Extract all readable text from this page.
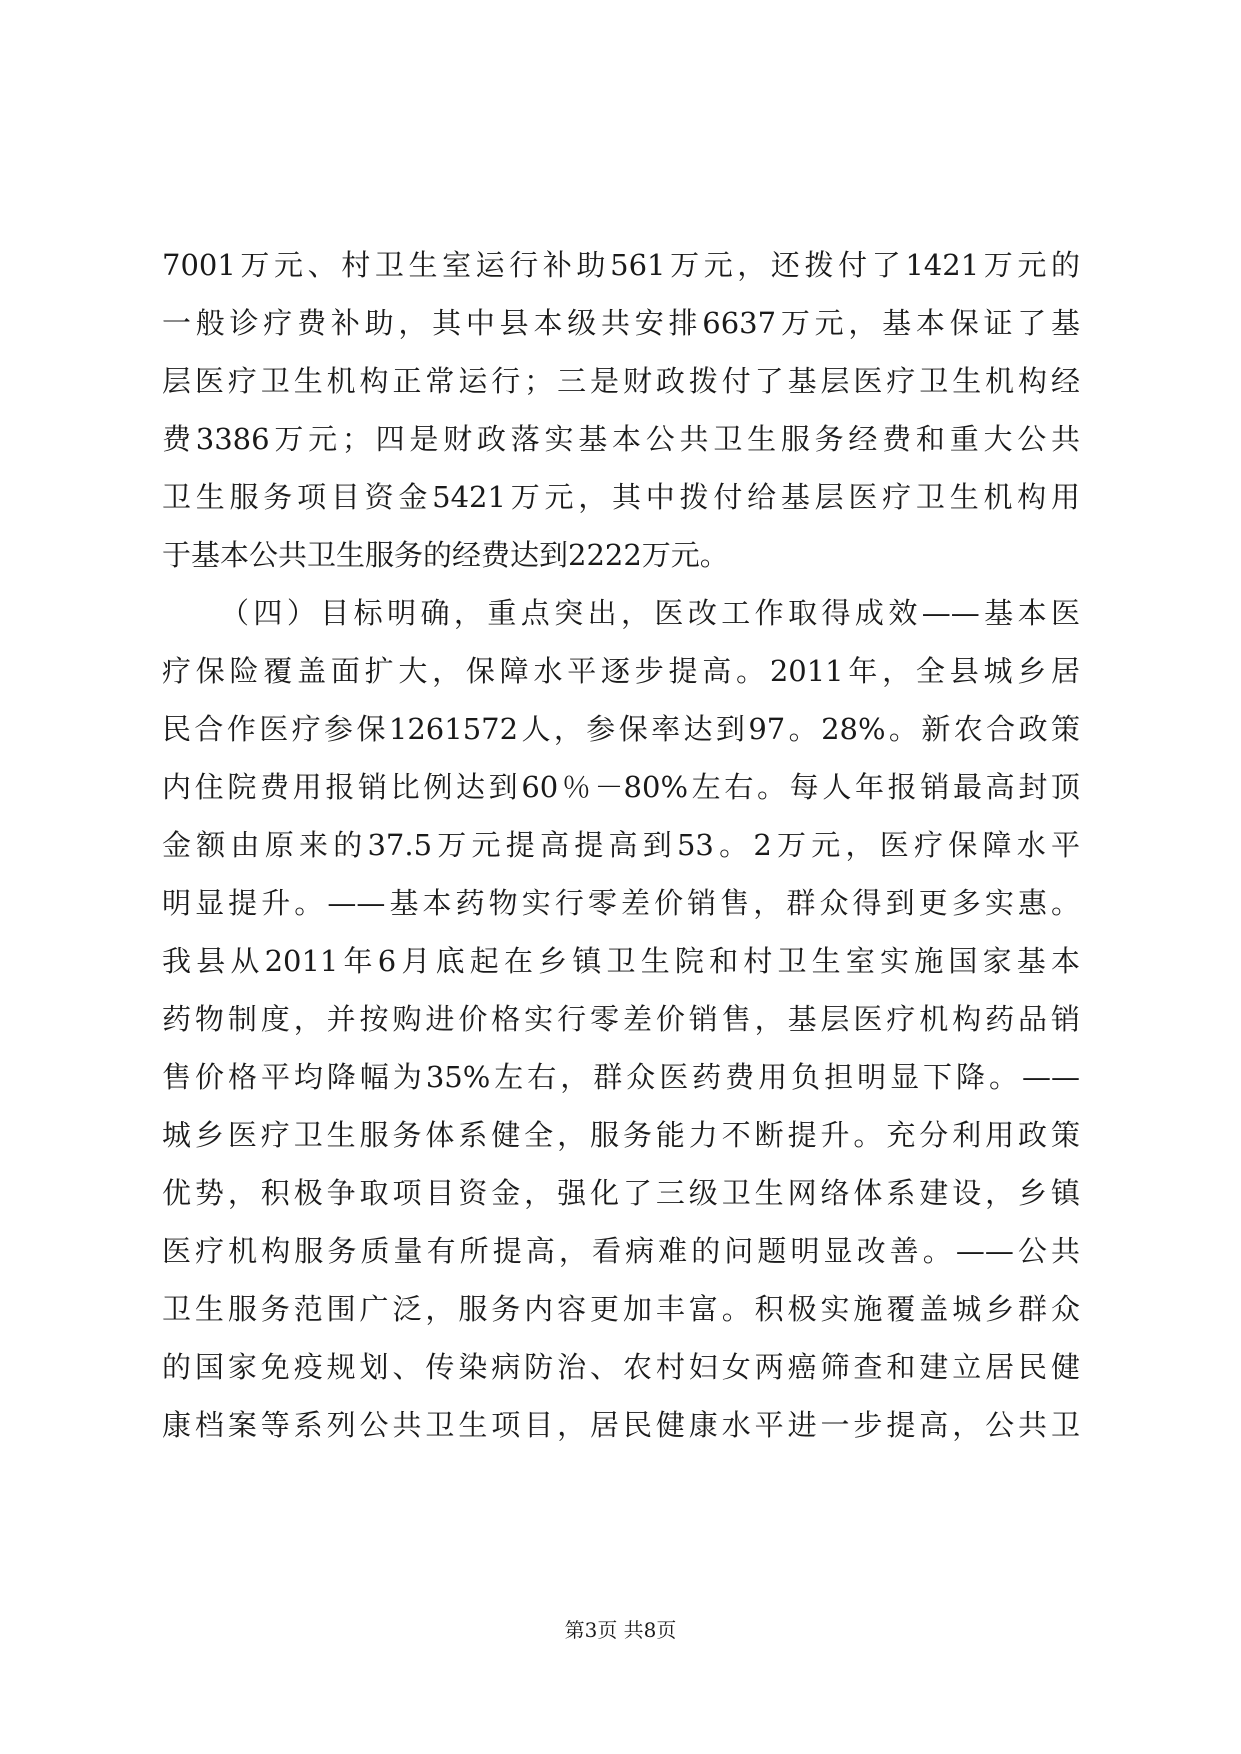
7001万元、村卫生室运行补助561万元，还拨付了1421万元的
一般诊疗费补助，其中县本级共安排6637万元，基本保证了基
层医疗卫生机构正常运行；三是财政拨付了基层医疗卫生机构经
费3386万元；四是财政落实基本公共卫生服务经费和重大公共
卫生服务项目资金5421万元，其中拨付给基层医疗卫生机构用
于基本公共卫生服务的经费达到2222万元。
（四）目标明确，重点突出，医改工作取得成效——基本医
疗保险覆盖面扩大，保障水平逐步提高。2011年，全县城乡居
民合作医疗参保1261572人，参保率达到97。28%。新农合政策
内住院费用报销比例达到60％－80%左右。每人年报销最高封顶
金额由原来的37.5万元提高提高到53。2万元，医疗保障水平
明显提升。——基本药物实行零差价销售，群众得到更多实惠。
我县从2011年6月底起在乡镇卫生院和村卫生室实施国家基本
药物制度，并按购进价格实行零差价销售，基层医疗机构药品销
售价格平均降幅为35%左右，群众医药费用负担明显下降。——
城乡医疗卫生服务体系健全，服务能力不断提升。充分利用政策
优势，积极争取项目资金，强化了三级卫生网络体系建设，乡镇
医疗机构服务质量有所提高，看病难的问题明显改善。——公共
卫生服务范围广泛，服务内容更加丰富。积极实施覆盖城乡群众
的国家免疫规划、传染病防治、农村妇女两癌筛查和建立居民健
康档案等系列公共卫生项目，居民健康水平进一步提高，公共卫
第3页 共8页
